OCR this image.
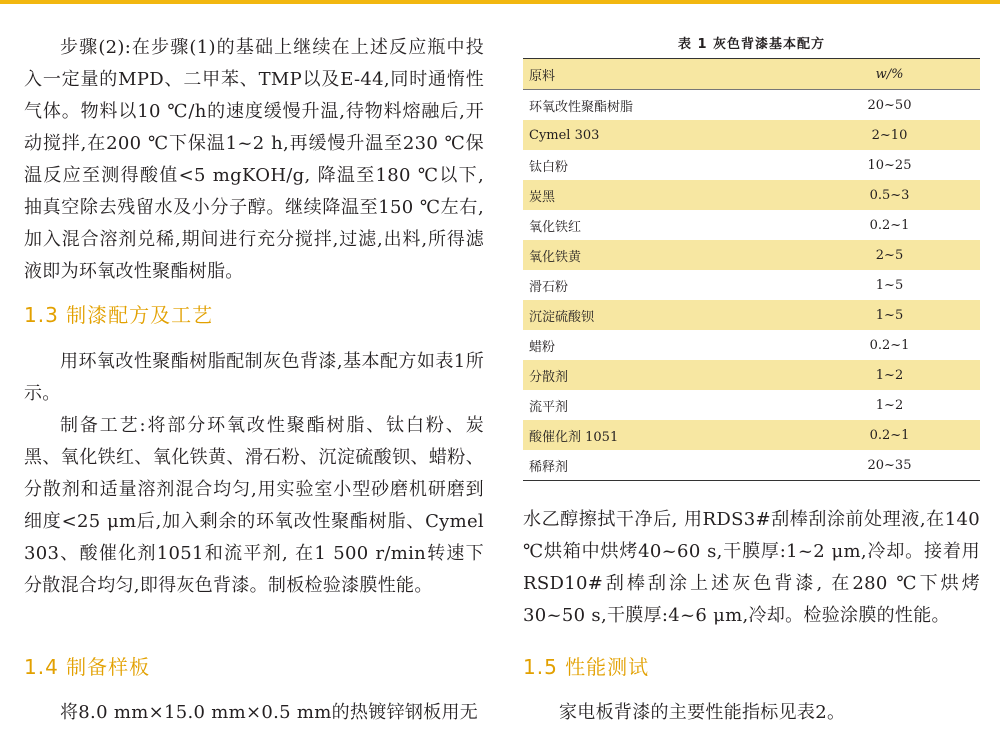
步骤(2):在步骤(1)的基础上继续在上述反应瓶中投入一定量的MPD、二甲苯、TMP以及E-44,同时通惰性气体。物料以10 ℃/h的速度缓慢升温,待物料熔融后,开动搅拌,在200 ℃下保温1~2 h,再缓慢升温至230 ℃保温反应至测得酸值<5 mgKOH/g, 降温至180 ℃以下, 抽真空除去残留水及小分子醇。继续降温至150 ℃左右,加入混合溶剂兑稀,期间进行充分搅拌,过滤,出料,所得滤液即为环氧改性聚酯树脂。

1.3 制漆配方及工艺

用环氧改性聚酯树脂配制灰色背漆,基本配方如表1所示。

制备工艺:将部分环氧改性聚酯树脂、钛白粉、炭黑、氧化铁红、氧化铁黄、滑石粉、沉淀硫酸钡、蜡粉、分散剂和适量溶剂混合均匀,用实验室小型砂磨机研磨到细度<25 μm后,加入剩余的环氧改性聚酯树脂、Cymel 303、酸催化剂1051和流平剂, 在1 500 r/min转速下分散混合均匀,即得灰色背漆。制板检验漆膜性能。

1.4 制备样板

将8.0 mm×15.0 mm×0.5 mm的热镀锌钢板用无

表 1 灰色背漆基本配方
原料	w/%
环氧改性聚酯树脂	20~50
Cymel 303	2~10
钛白粉	10~25
炭黑	0.5~3
氧化铁红	0.2~1
氧化铁黄	2~5
滑石粉	1~5
沉淀硫酸钡	1~5
蜡粉	0.2~1
分散剂	1~2
流平剂	1~2
酸催化剂 1051	0.2~1
稀释剂	20~35

水乙醇擦拭干净后, 用RDS3#刮棒刮涂前处理液,在140 ℃烘箱中烘烤40~60 s,干膜厚:1~2 μm,冷却。接着用RSD10#刮棒刮涂上述灰色背漆, 在280 ℃下烘烤30~50 s,干膜厚:4~6 μm,冷却。检验涂膜的性能。

1.5 性能测试

家电板背漆的主要性能指标见表2。
